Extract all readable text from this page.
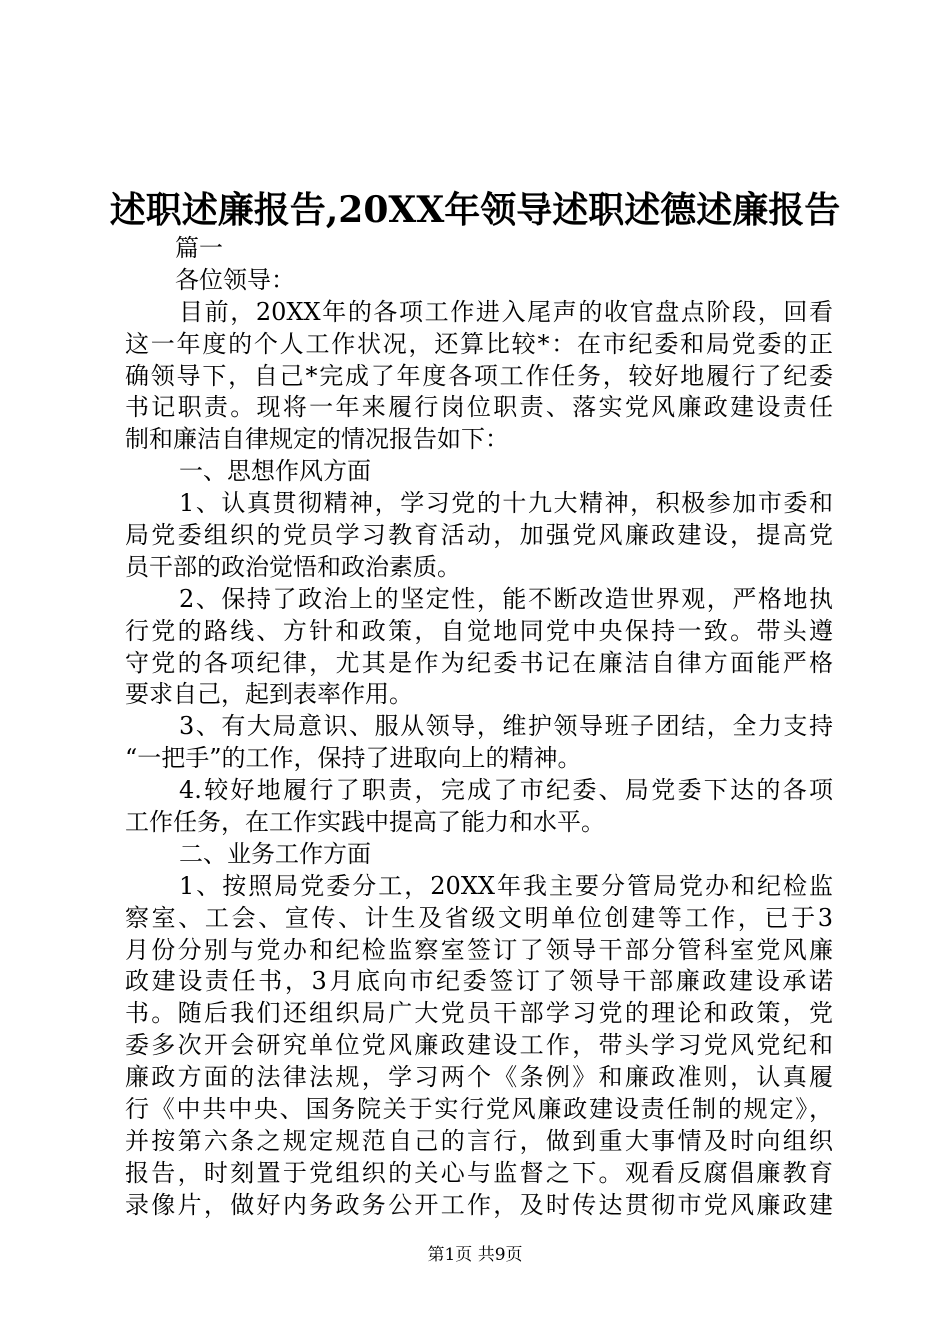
述职述廉报告,20XX年领导述职述德述廉报告
篇一
各位领导：
目前，20XX年的各项工作进入尾声的收官盘点阶段，回看
这一年度的个人工作状况，还算比较*：在市纪委和局党委的正
确领导下，自己*完成了年度各项工作任务，较好地履行了纪委
书记职责。现将一年来履行岗位职责、落实党风廉政建设责任
制和廉洁自律规定的情况报告如下：
一、思想作风方面
1、认真贯彻精神，学习党的十九大精神，积极参加市委和
局党委组织的党员学习教育活动，加强党风廉政建设，提高党
员干部的政治觉悟和政治素质。
2、保持了政治上的坚定性，能不断改造世界观，严格地执
行党的路线、方针和政策，自觉地同党中央保持一致。带头遵
守党的各项纪律，尤其是作为纪委书记在廉洁自律方面能严格
要求自己，起到表率作用。
3、有大局意识、服从领导，维护领导班子团结，全力支持
“一把手”的工作，保持了进取向上的精神。
4.较好地履行了职责，完成了市纪委、局党委下达的各项
工作任务，在工作实践中提高了能力和水平。
二、业务工作方面
1、按照局党委分工，20XX年我主要分管局党办和纪检监
察室、工会、宣传、计生及省级文明单位创建等工作，已于3
月份分别与党办和纪检监察室签订了领导干部分管科室党风廉
政建设责任书，3月底向市纪委签订了领导干部廉政建设承诺
书。随后我们还组织局广大党员干部学习党的理论和政策，党
委多次开会研究单位党风廉政建设工作，带头学习党风党纪和
廉政方面的法律法规，学习两个《条例》和廉政准则，认真履
行《中共中央、国务院关于实行党风廉政建设责任制的规定》，
并按第六条之规定规范自己的言行，做到重大事情及时向组织
报告，时刻置于党组织的关心与监督之下。观看反腐倡廉教育
录像片，做好内务政务公开工作，及时传达贯彻市党风廉政建
第1页 共9页
